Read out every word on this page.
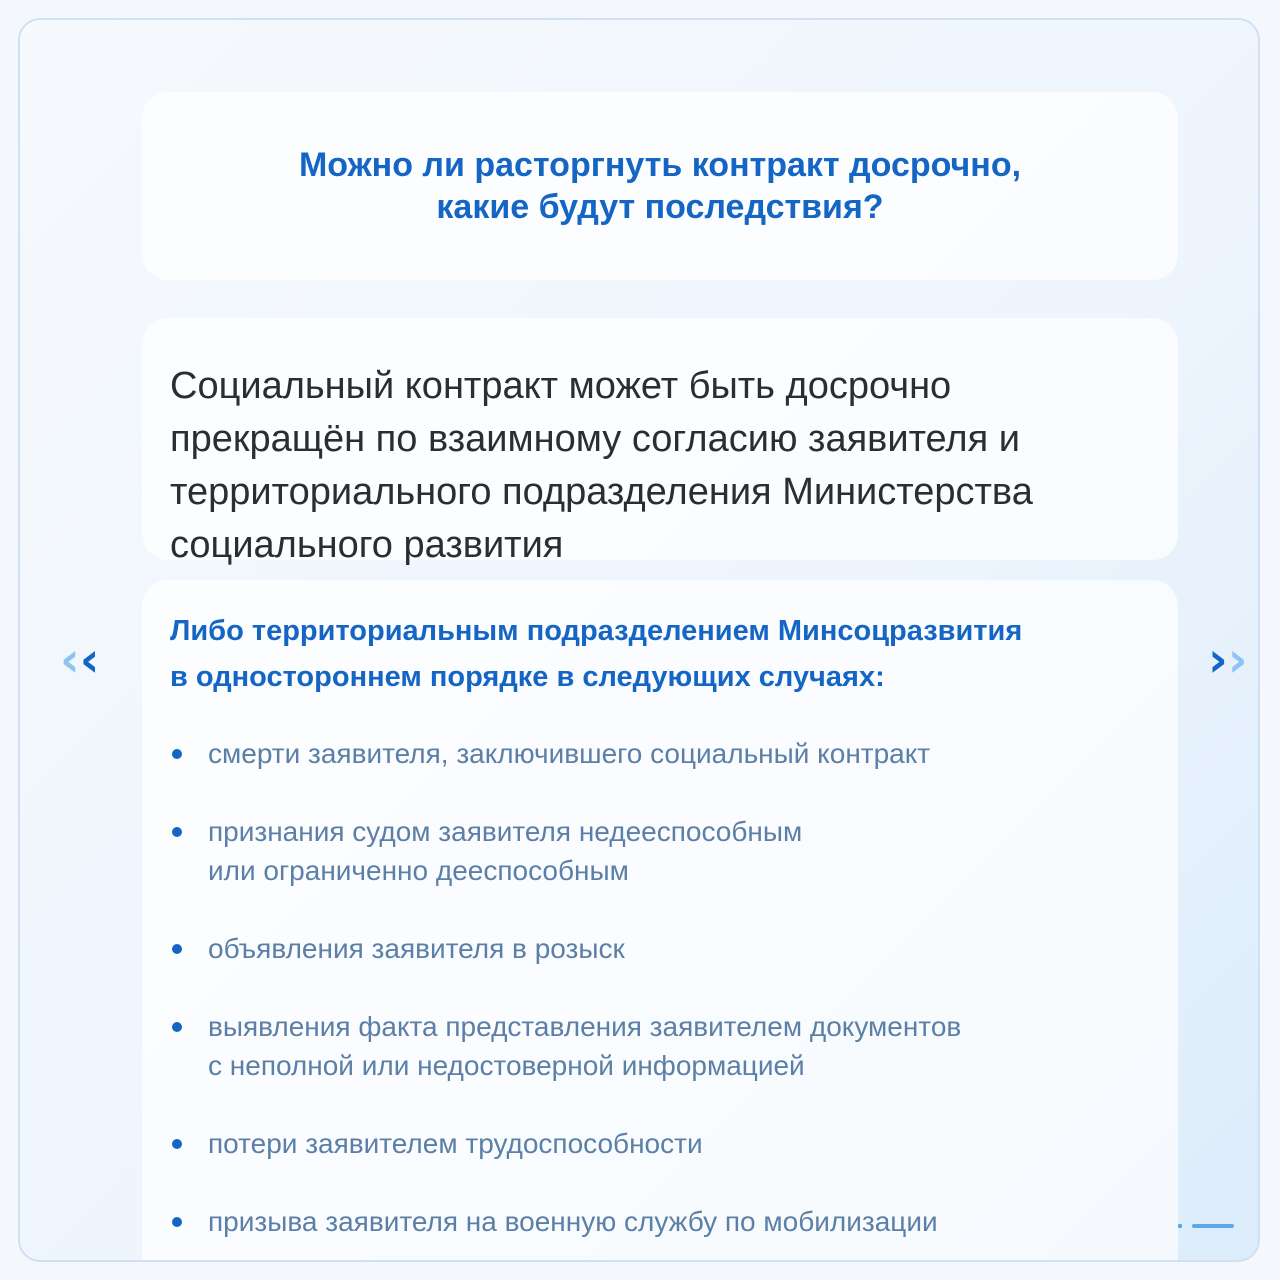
Можно ли расторгнуть контракт досрочно,
какие будут последствия?

Социальный контракт может быть досрочно прекращён по взаимному согласию заявителя и территориального подразделения Министерства социального развития

Либо территориальным подразделением Минсоцразвития
в одностороннем порядке в следующих случаях:
смерти заявителя, заключившего социальный контракт
признания судом заявителя недееспособным
или ограниченно дееспособным
объявления заявителя в розыск
выявления факта представления заявителем документов
с неполной или недостоверной информацией
потери заявителем трудоспособности
призыва заявителя на военную службу по мобилизации
‹‹	››
